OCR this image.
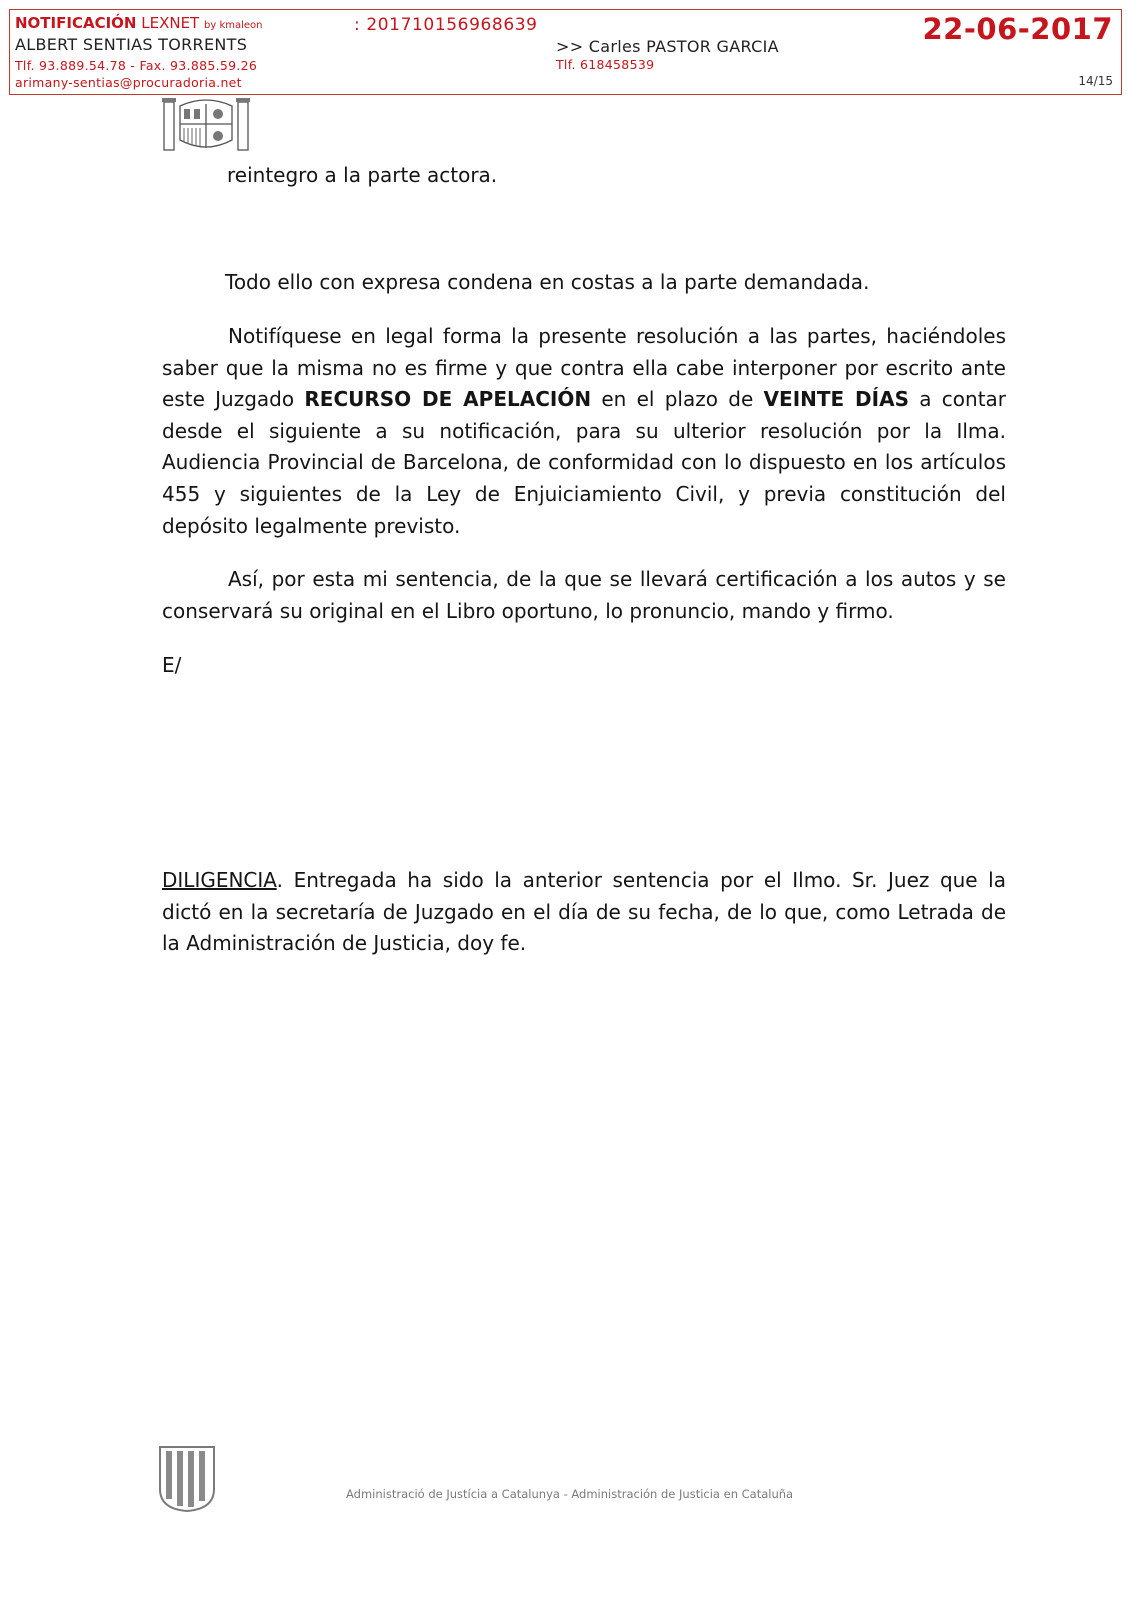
NOTIFICACIÓN LEXNET by kmaleon
ALBERT SENTIAS TORRENTS
Tlf. 93.889.54.78 - Fax. 93.885.59.26
arimany-sentias@procuradoria.net
: 201710156968639
>> Carles PASTOR GARCIA
Tlf. 618458539
22-06-2017
14/15
reintegro a la parte actora.
Todo ello con expresa condena en costas a la parte demandada.
Notifíquese en legal forma la presente resolución a las partes, haciéndoles saber que la misma no es firme y que contra ella cabe interponer por escrito ante este Juzgado RECURSO DE APELACIÓN en el plazo de VEINTE DÍAS a contar desde el siguiente a su notificación, para su ulterior resolución por la Ilma. Audiencia Provincial de Barcelona, de conformidad con lo dispuesto en los artículos 455 y siguientes de la Ley de Enjuiciamiento Civil, y previa constitución del depósito legalmente previsto.
Así, por esta mi sentencia, de la que se llevará certificación a los autos y se conservará su original en el Libro oportuno, lo pronuncio, mando y firmo.
E/
DILIGENCIA. Entregada ha sido la anterior sentencia por el Ilmo. Sr. Juez que la dictó en la secretaría de Juzgado en el día de su fecha, de lo que, como Letrada de la Administración de Justicia, doy fe.
Administració de Justícia a Catalunya - Administración de Justicia en Cataluña
